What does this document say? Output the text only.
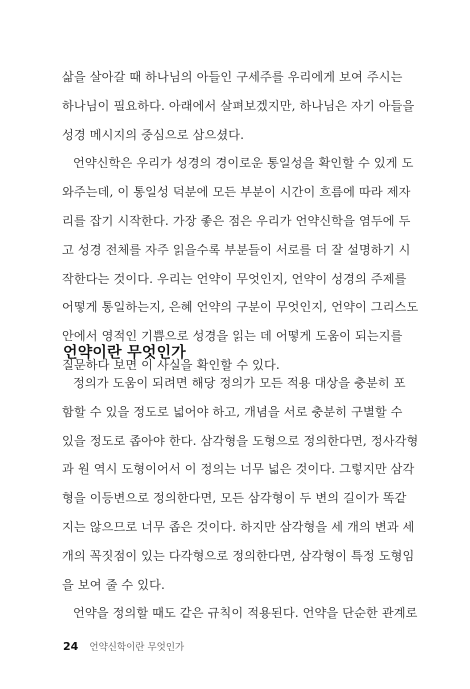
삶을 살아갈 때 하나님의 아들인 구세주를 우리에게 보여 주시는
하나님이 필요하다. 아래에서 살펴보겠지만, 하나님은 자기 아들을
성경 메시지의 중심으로 삼으셨다.
언약신학은 우리가 성경의 경이로운 통일성을 확인할 수 있게 도
와주는데, 이 통일성 덕분에 모든 부분이 시간이 흐름에 따라 제자
리를 잡기 시작한다. 가장 좋은 점은 우리가 언약신학을 염두에 두
고 성경 전체를 자주 읽을수록 부분들이 서로를 더 잘 설명하기 시
작한다는 것이다. 우리는 언약이 무엇인지, 언약이 성경의 주제를
어떻게 통일하는지, 은혜 언약의 구분이 무엇인지, 언약이 그리스도
안에서 영적인 기쁨으로 성경을 읽는 데 어떻게 도움이 되는지를
질문하다 보면 이 사실을 확인할 수 있다.
언약이란 무엇인가
정의가 도움이 되려면 해당 정의가 모든 적용 대상을 충분히 포
함할 수 있을 정도로 넓어야 하고, 개념을 서로 충분히 구별할 수
있을 정도로 좁아야 한다. 삼각형을 도형으로 정의한다면, 정사각형
과 원 역시 도형이어서 이 정의는 너무 넓은 것이다. 그렇지만 삼각
형을 이등변으로 정의한다면, 모든 삼각형이 두 변의 길이가 똑같
지는 않으므로 너무 좁은 것이다. 하지만 삼각형을 세 개의 변과 세
개의 꼭짓점이 있는 다각형으로 정의한다면, 삼각형이 특정 도형임
을 보여 줄 수 있다.
언약을 정의할 때도 같은 규칙이 적용된다. 언약을 단순한 관계로
24 언약신학이란 무엇인가
